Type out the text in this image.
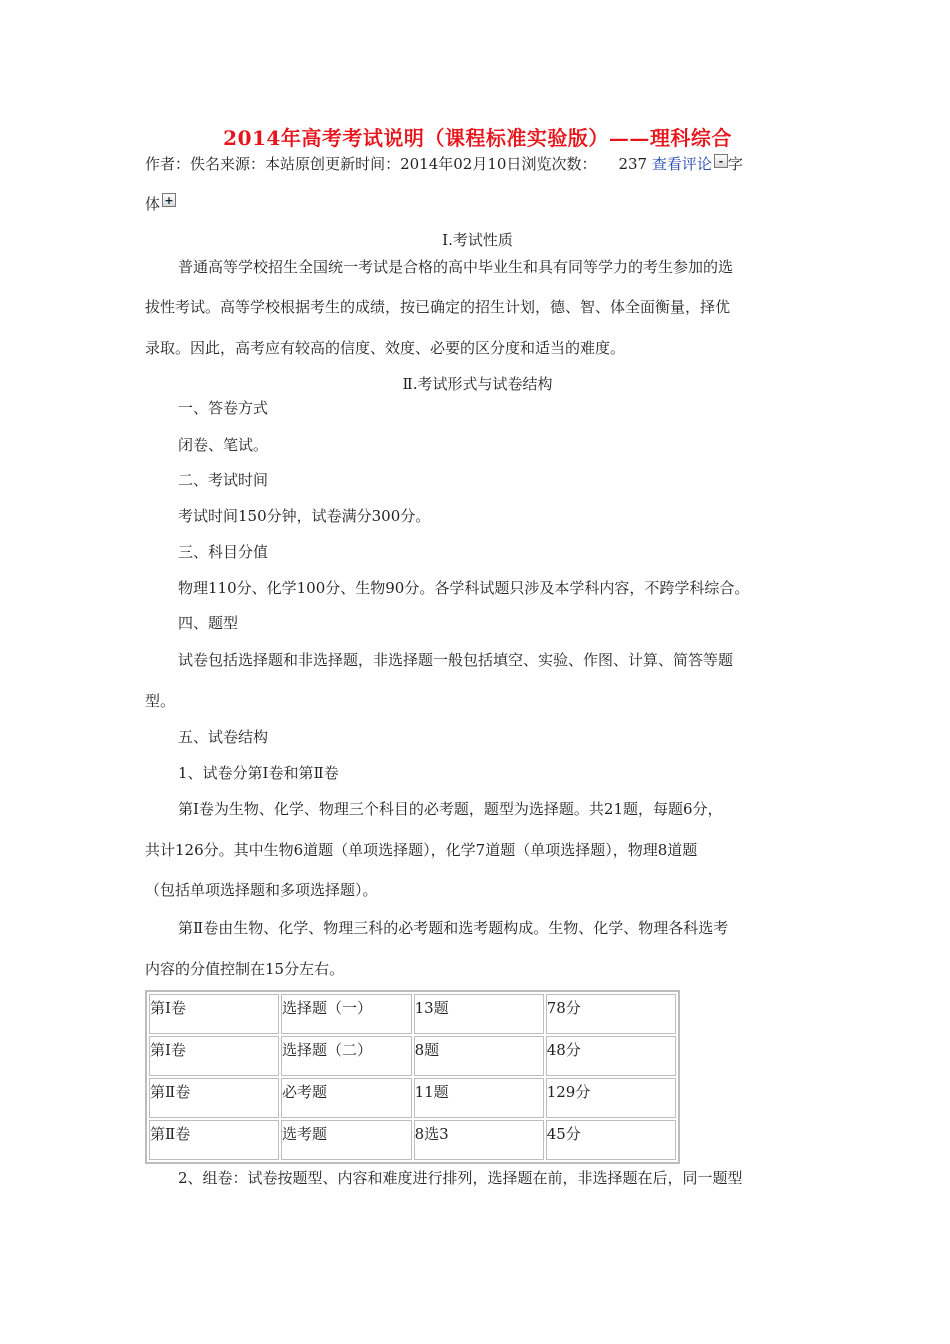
2014年高考考试说明（课程标准实验版）——理科综合
作者：佚名来源：本站原创更新时间：2014年02月10日浏览次数： 237 查看评论 - 字
体 +
Ⅰ.考试性质
普通高等学校招生全国统一考试是合格的高中毕业生和具有同等学力的考生参加的选
拔性考试。高等学校根据考生的成绩，按已确定的招生计划，德、智、体全面衡量，择优
录取。因此，高考应有较高的信度、效度、必要的区分度和适当的难度。
Ⅱ.考试形式与试卷结构
一、答卷方式
闭卷、笔试。
二、考试时间
考试时间150分钟，试卷满分300分。
三、科目分值
物理110分、化学100分、生物90分。各学科试题只涉及本学科内容，不跨学科综合。
四、题型
试卷包括选择题和非选择题，非选择题一般包括填空、实验、作图、计算、简答等题
型。
五、试卷结构
1、试卷分第Ⅰ卷和第Ⅱ卷
第Ⅰ卷为生物、化学、物理三个科目的必考题，题型为选择题。共21题，每题6分，
共计126分。其中生物6道题（单项选择题），化学7道题（单项选择题），物理8道题
（包括单项选择题和多项选择题）。
第Ⅱ卷由生物、化学、物理三科的必考题和选考题构成。生物、化学、物理各科选考
内容的分值控制在15分左右。
第Ⅰ卷	选择题（一）	13题	78分
第Ⅰ卷	选择题（二）	8题	48分
第Ⅱ卷	必考题	11题	129分
第Ⅱ卷	选考题	8选3	45分
2、组卷：试卷按题型、内容和难度进行排列，选择题在前，非选择题在后，同一题型
